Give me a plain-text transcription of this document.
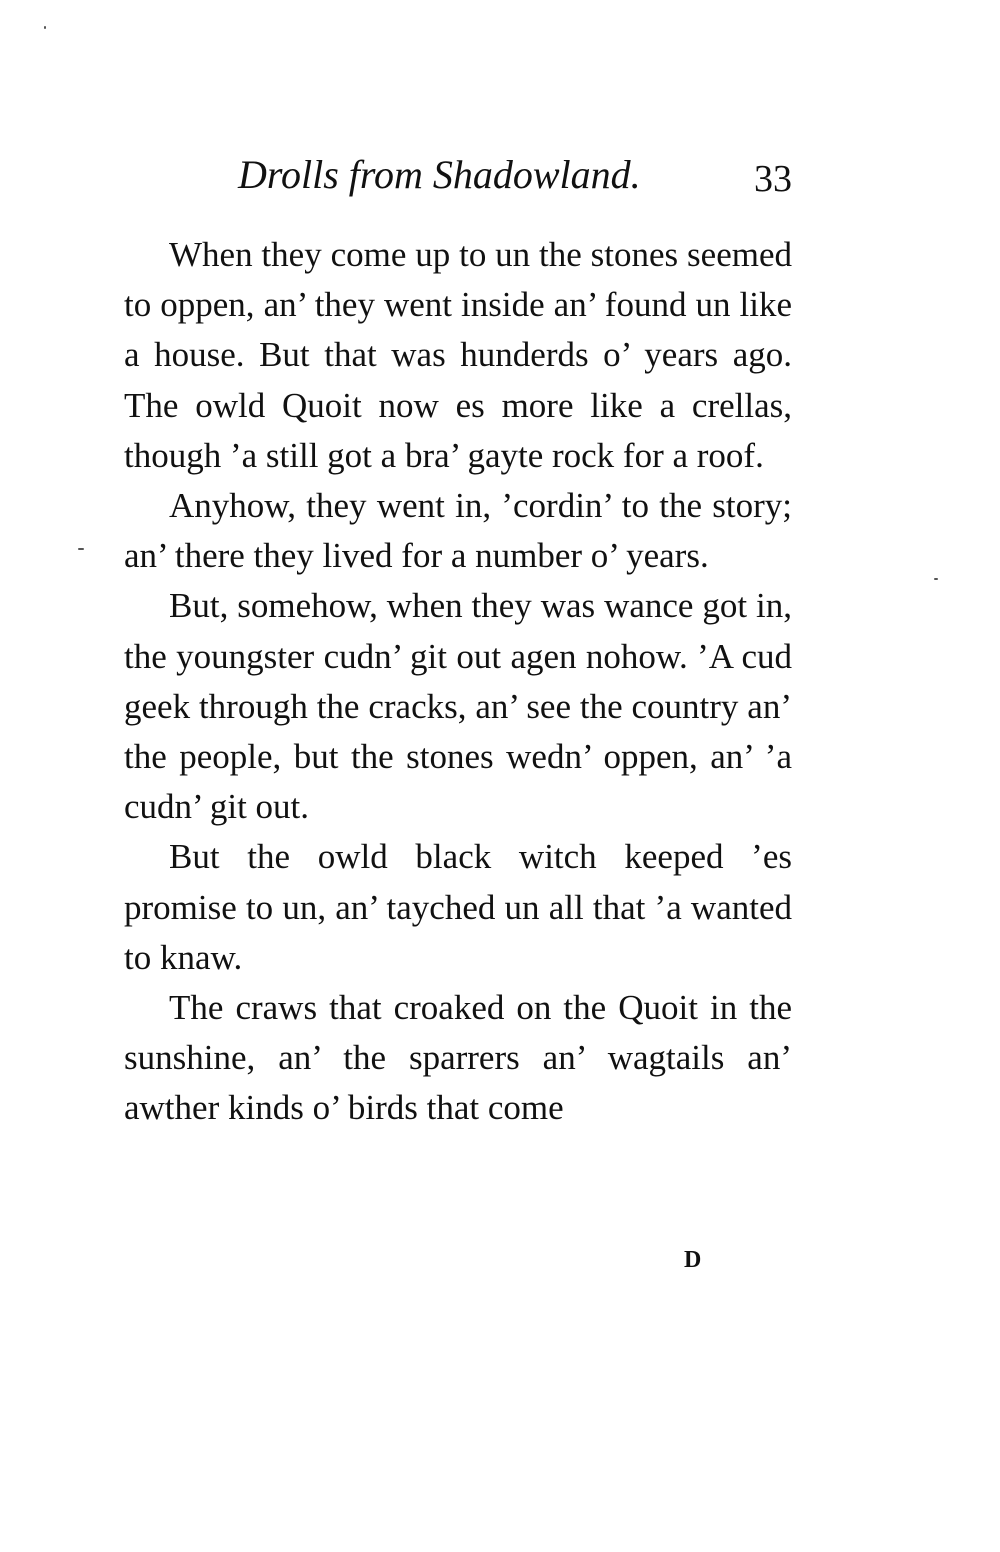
Drolls from Shadowland.	33

When they come up to un the stones seemed to oppen, an’ they went inside an’ found un like a house. But that was hunderds o’ years ago. The owld Quoit now es more like a crellas, though ’a still got a bra’ gayte rock for a roof.

Anyhow, they went in, ’cordin’ to the story; an’ there they lived for a number o’ years.

But, somehow, when they was wance got in, the youngster cudn’ git out agen nohow. ’A cud geek through the cracks, an’ see the country an’ the people, but the stones wedn’ oppen, an’ ’a cudn’ git out.

But the owld black witch keeped ’es promise to un, an’ tayched un all that ’a wanted to knaw.

The craws that croaked on the Quoit in the sunshine, an’ the sparrers an’ wagtails an’ awther kinds o’ birds that come

D
